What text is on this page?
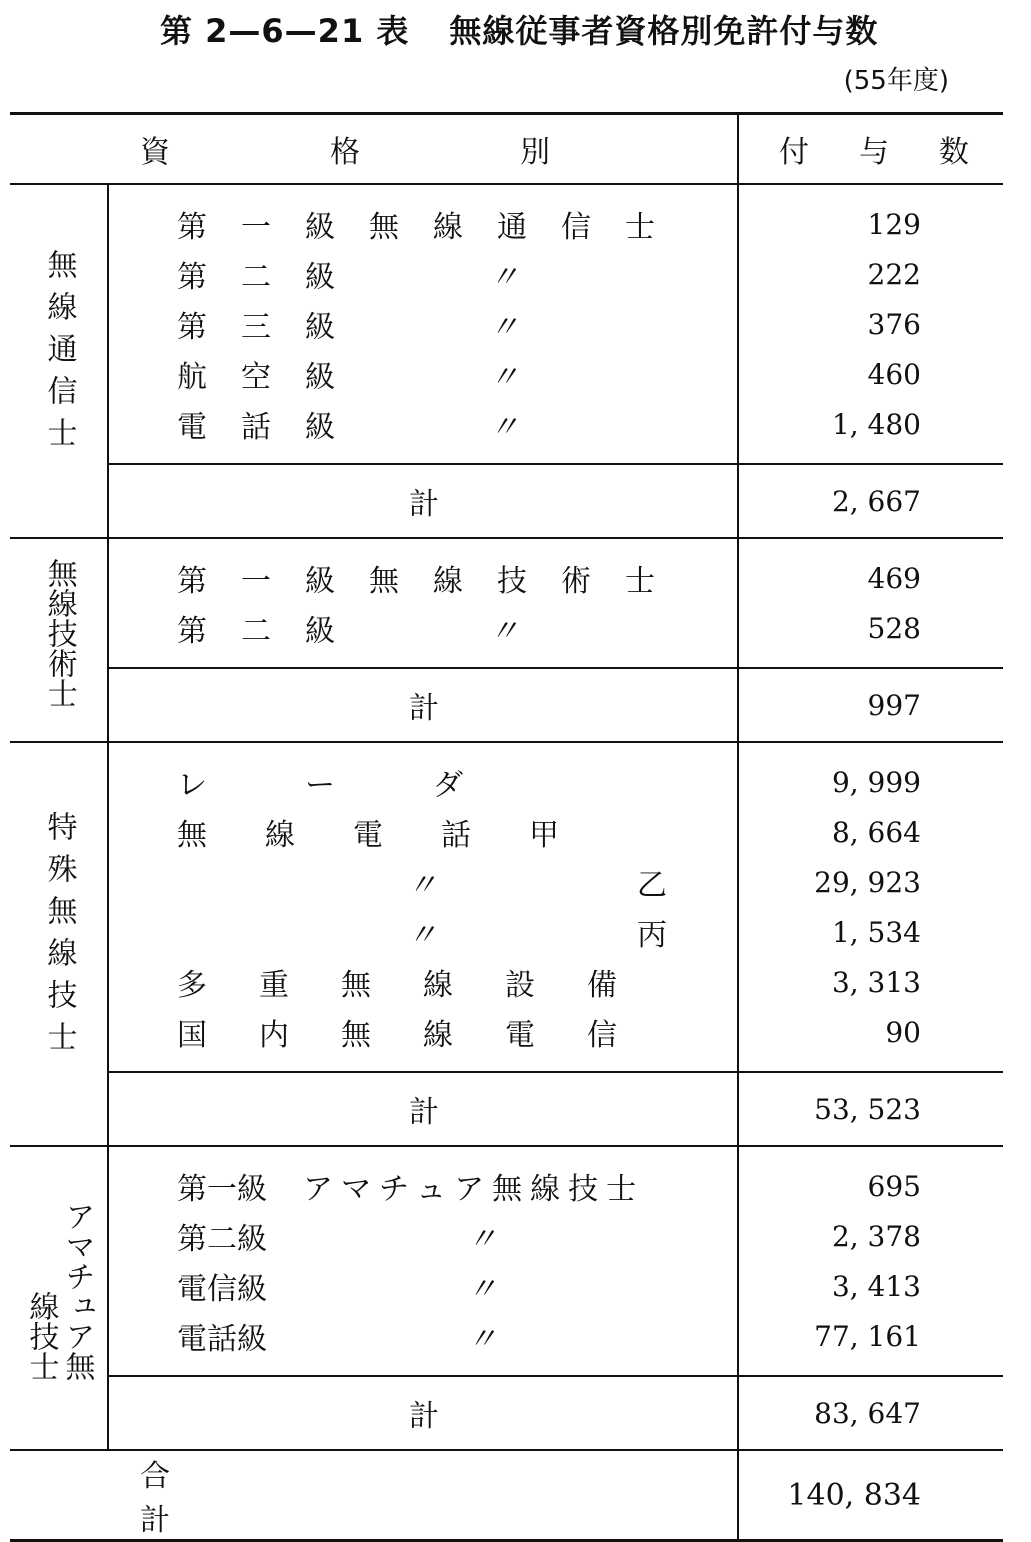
第 2—6—21 表 無線従事者資格別免許付与数
(55年度)
資 格 別		付 与 数
無線通信士	第一級無線通信士	129
	第二級 〃	222
	第三級 〃	376
	航空級 〃	460
	電話級 〃	1, 480
	計	2, 667
無線技術士	第一級無線技術士	469
	第二級 〃	528
	計	997
特殊無線技士	レーダ	9, 999
	無線電話甲	8, 664
	〃 乙	29, 923
	〃 丙	1, 534
	多重無線設備	3, 313
	国内無線電信	90
	計	53, 523
線技士アマチュア無	第一級 アマチュア無線技士	695
	第二級 〃	2, 378
	電信級 〃	3, 413
	電話級 〃	77, 161
	計	83, 647
合計		140, 834
